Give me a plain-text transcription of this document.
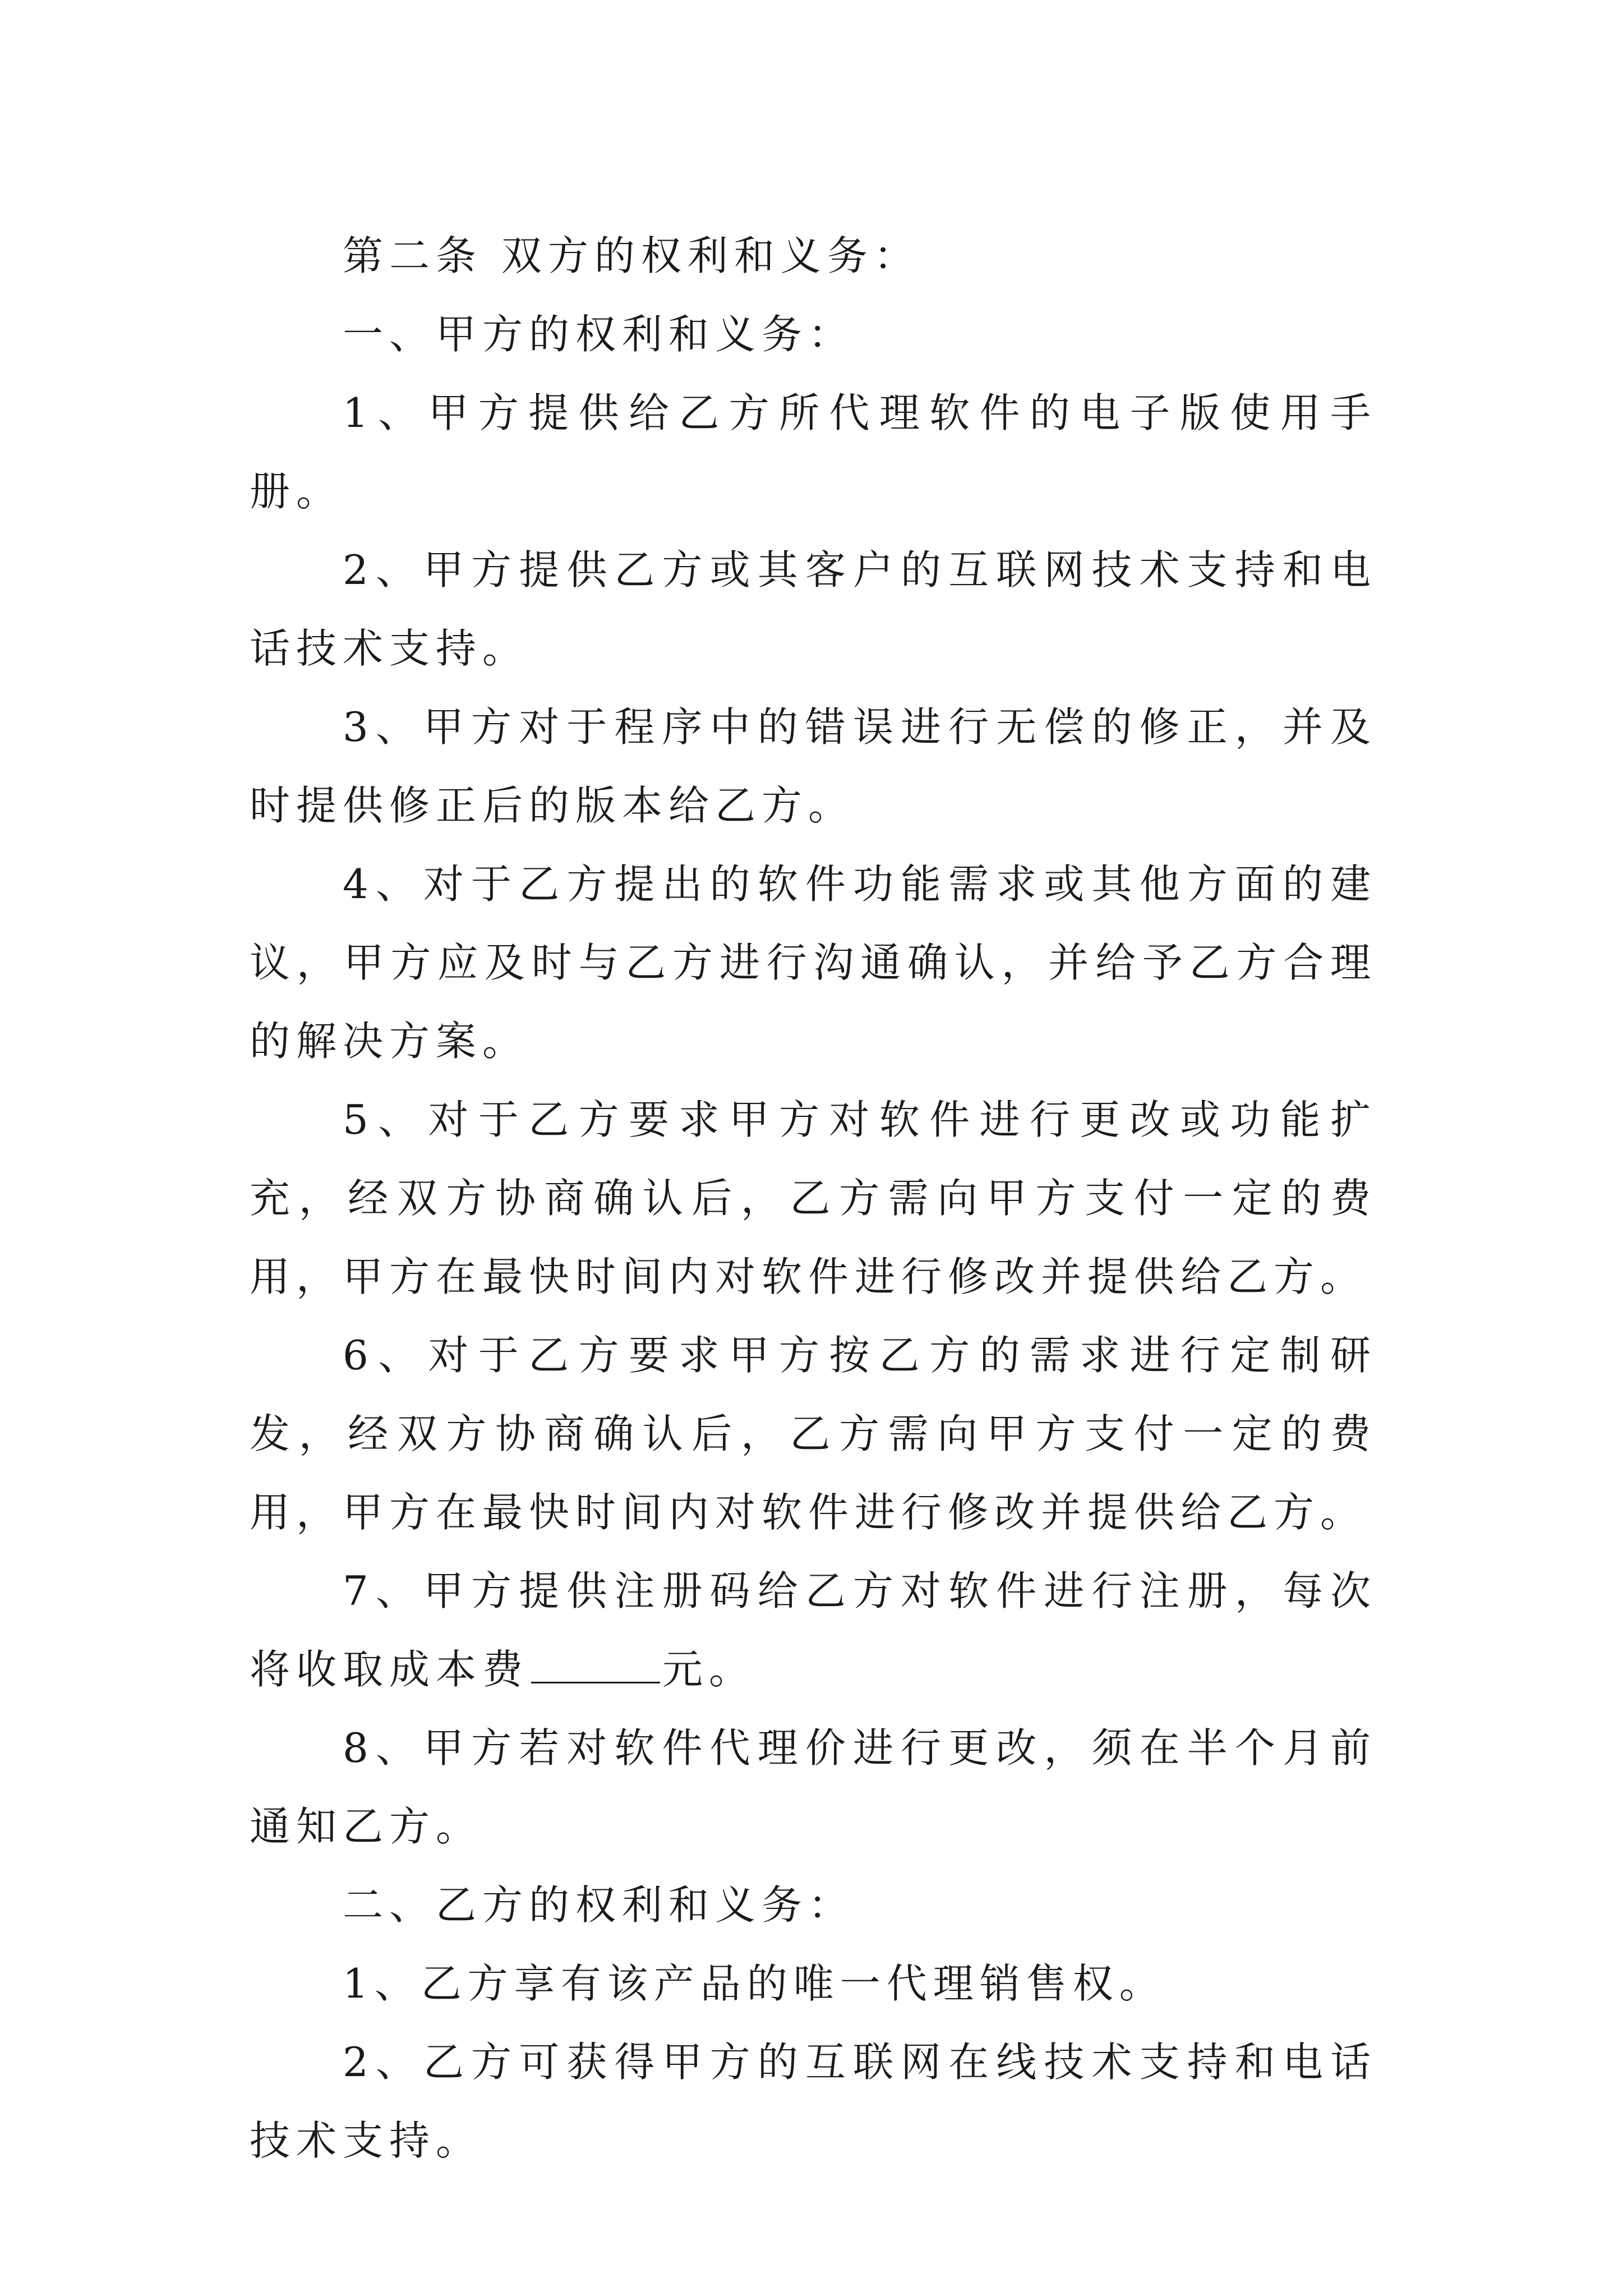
第二条 双方的权利和义务：

一、甲方的权利和义务：

1、甲方提供给乙方所代理软件的电子版使用手册。

2、甲方提供乙方或其客户的互联网技术支持和电话技术支持。

3、甲方对于程序中的错误进行无偿的修正，并及时提供修正后的版本给乙方。

4、对于乙方提出的软件功能需求或其他方面的建议，甲方应及时与乙方进行沟通确认，并给予乙方合理的解决方案。

5、对于乙方要求甲方对软件进行更改或功能扩充，经双方协商确认后，乙方需向甲方支付一定的费用，甲方在最快时间内对软件进行修改并提供给乙方。

6、对于乙方要求甲方按乙方的需求进行定制研发，经双方协商确认后，乙方需向甲方支付一定的费用，甲方在最快时间内对软件进行修改并提供给乙方。

7、甲方提供注册码给乙方对软件进行注册，每次将收取成本费	元。

8、甲方若对软件代理价进行更改，须在半个月前通知乙方。

二、乙方的权利和义务：

1、乙方享有该产品的唯一代理销售权。

2、乙方可获得甲方的互联网在线技术支持和电话技术支持。
